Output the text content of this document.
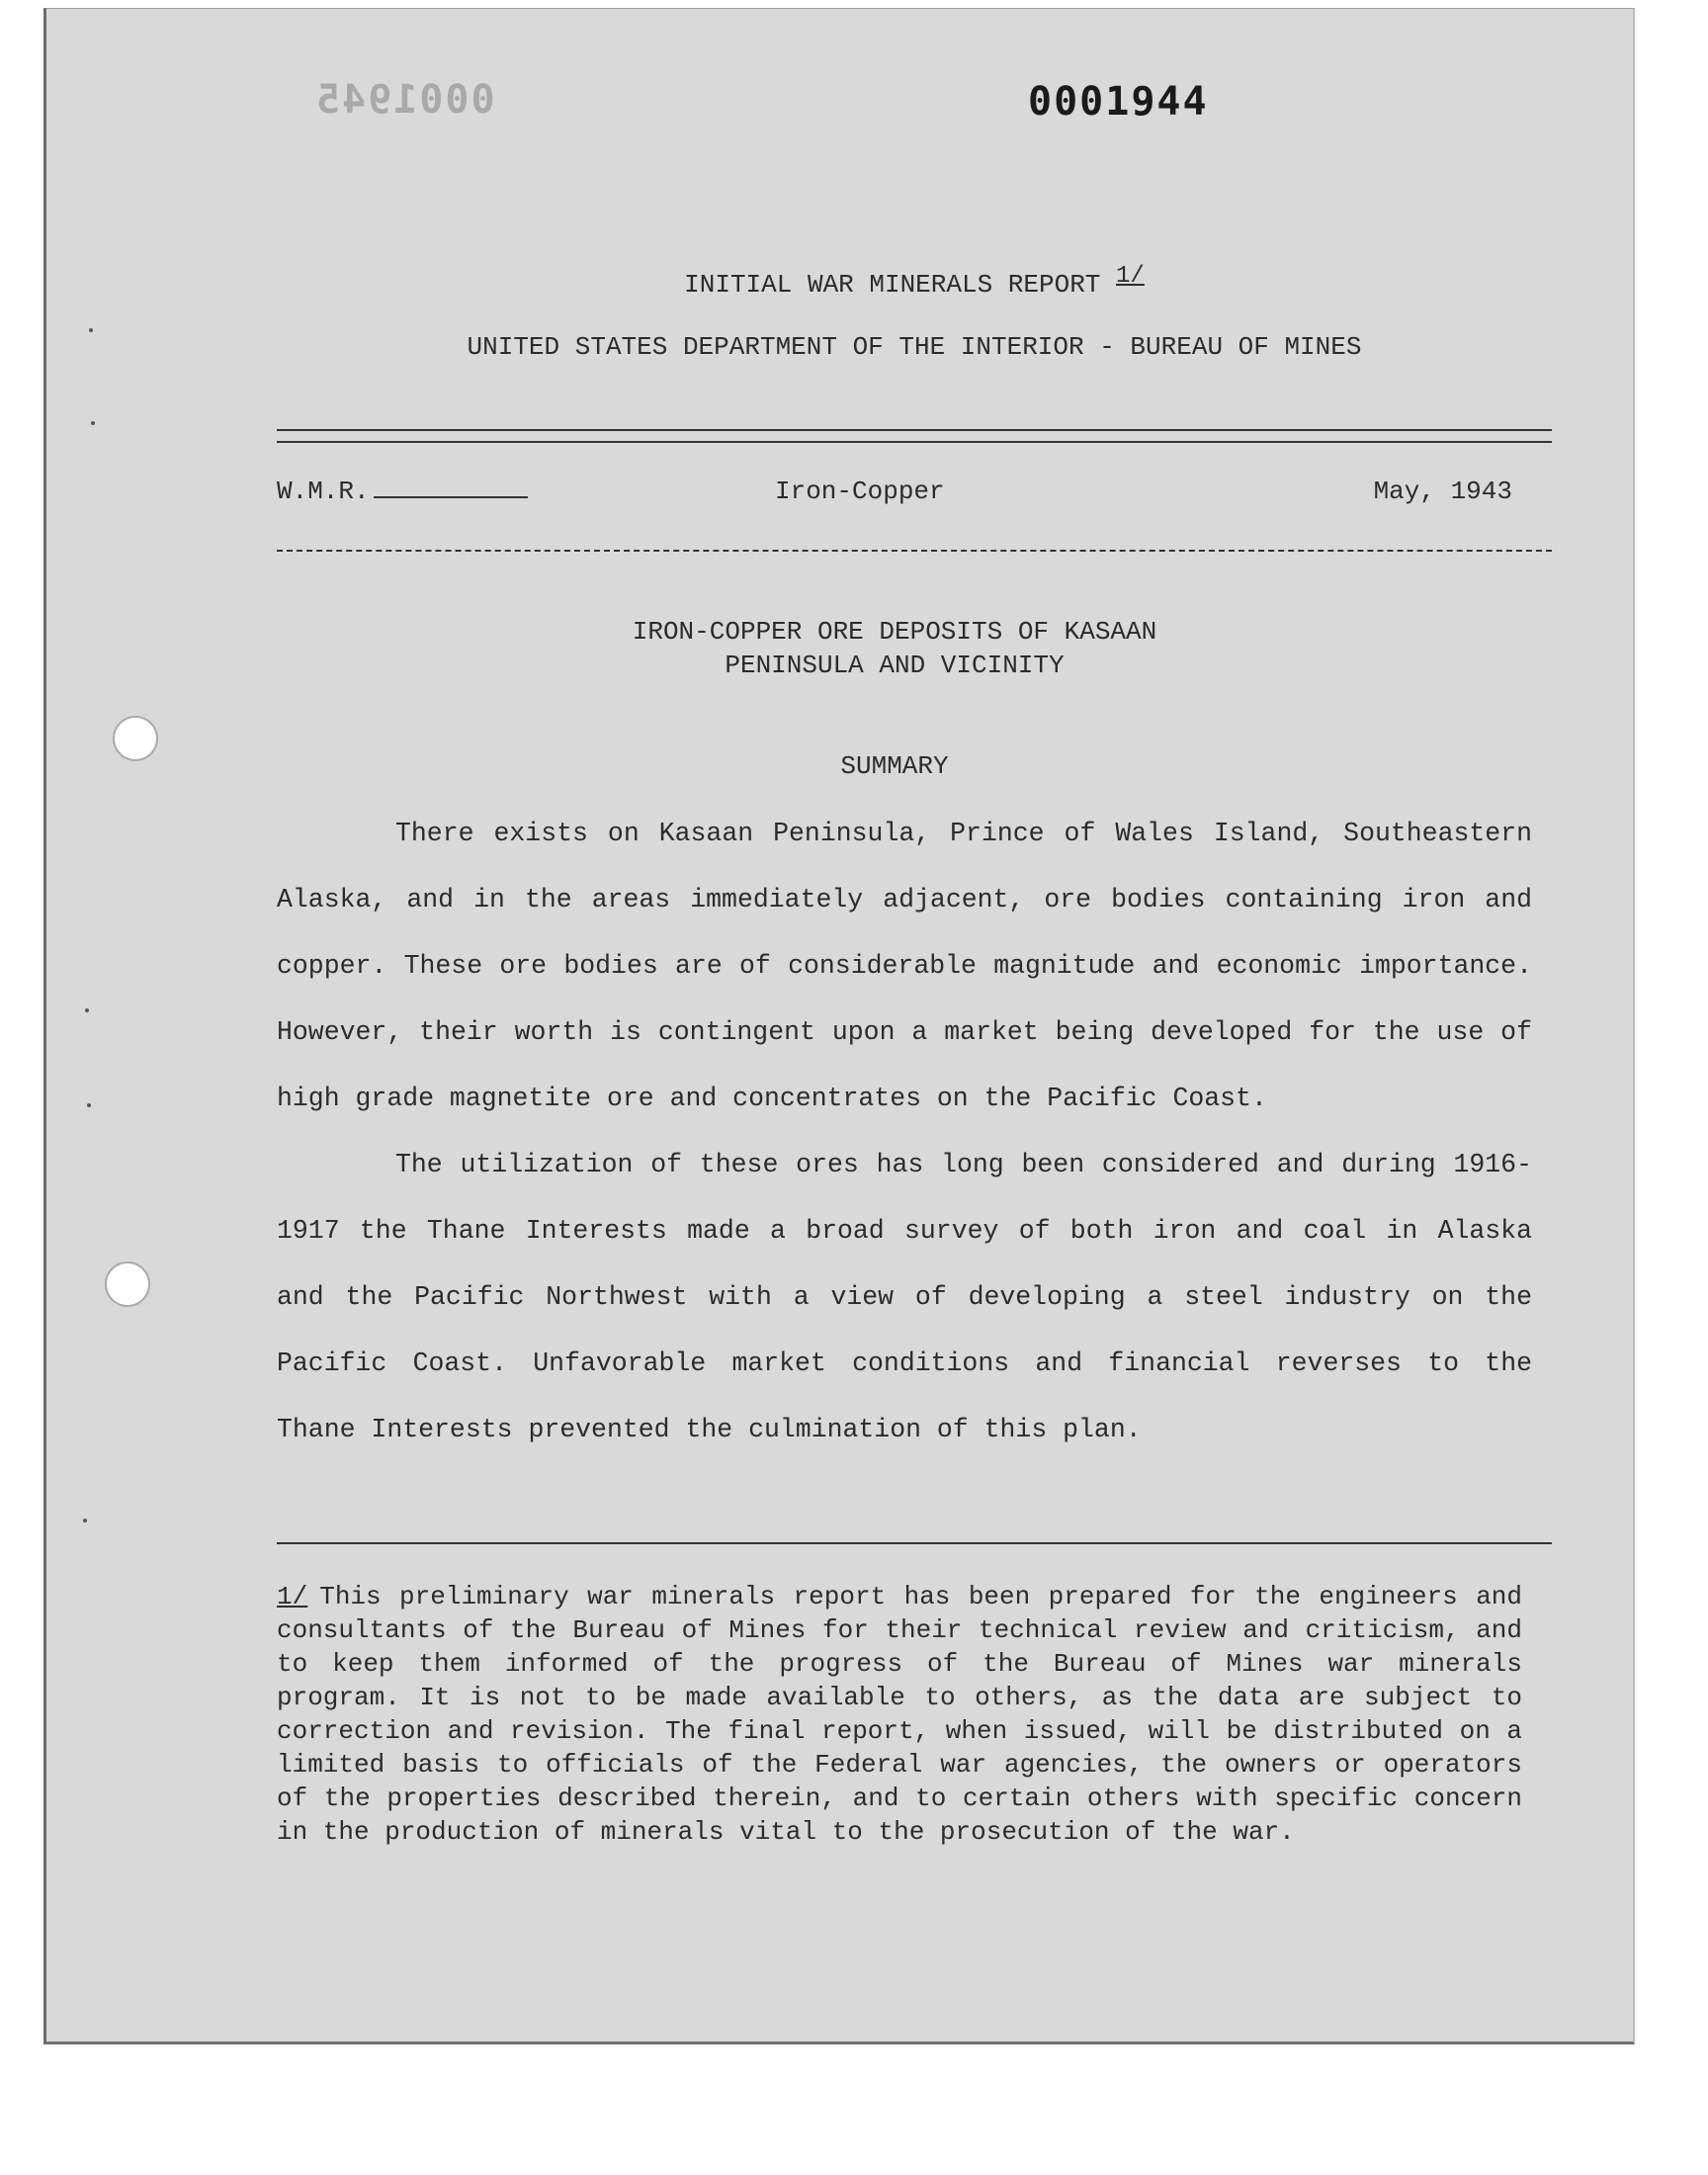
0001945	0001944
INITIAL WAR MINERALS REPORT 1/
UNITED STATES DEPARTMENT OF THE INTERIOR - BUREAU OF MINES
W.M.R.	Iron-Copper	May, 1943
IRON-COPPER ORE DEPOSITS OF KASAAN
PENINSULA AND VICINITY
SUMMARY

There exists on Kasaan Peninsula, Prince of Wales Island, Southeastern Alaska, and in the areas immediately adjacent, ore bodies containing iron and copper. These ore bodies are of considerable magnitude and economic importance. However, their worth is contingent upon a market being developed for the use of high grade magnetite ore and concentrates on the Pacific Coast.

The utilization of these ores has long been considered and during 1916-1917 the Thane Interests made a broad survey of both iron and coal in Alaska and the Pacific Northwest with a view of developing a steel industry on the Pacific Coast. Unfavorable market conditions and financial reverses to the Thane Interests prevented the culmination of this plan.

1/ This preliminary war minerals report has been prepared for the engineers and consultants of the Bureau of Mines for their technical review and criticism, and to keep them informed of the progress of the Bureau of Mines war minerals program. It is not to be made available to others, as the data are subject to correction and revision. The final report, when issued, will be distributed on a limited basis to officials of the Federal war agencies, the owners or operators of the properties described therein, and to certain others with specific concern in the production of minerals vital to the prosecution of the war.
